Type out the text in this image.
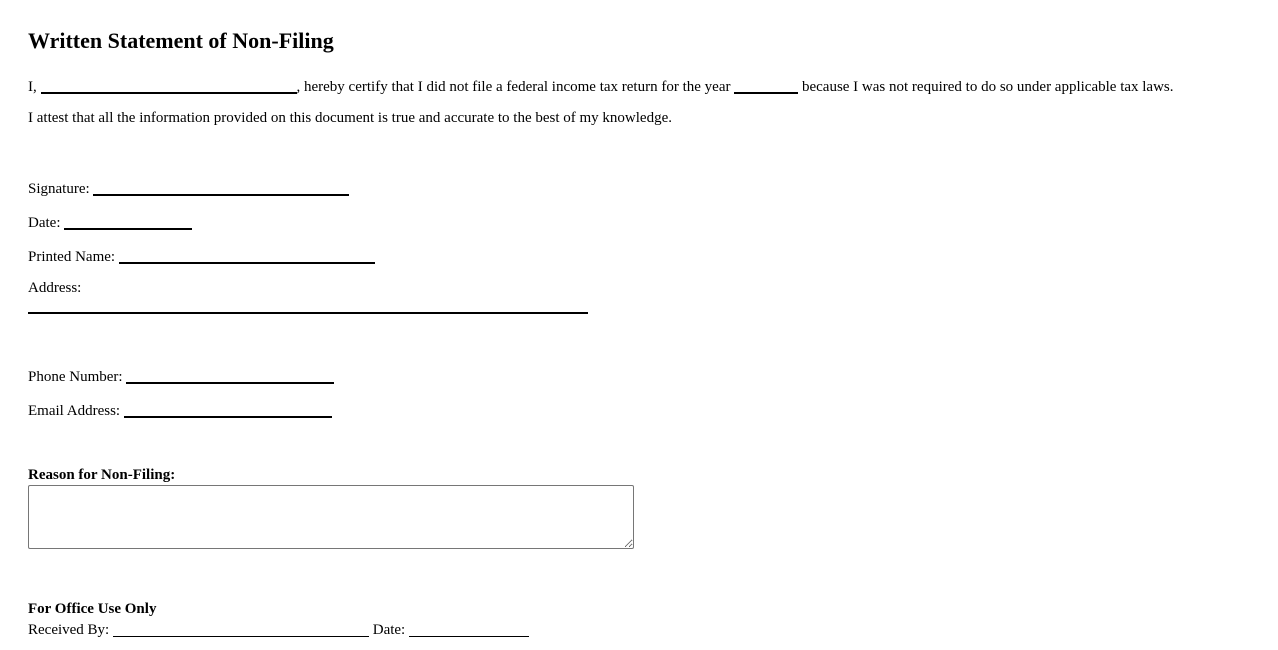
Written Statement of Non-Filing
I,	, hereby certify that I did not file a federal income tax return for the year	because I was not required to do so under applicable tax laws.
I attest that all the information provided on this document is true and accurate to the best of my knowledge.
Signature:
Date:
Printed Name:
Address:
Phone Number:
Email Address:
Reason for Non-Filing:
For Office Use Only
Received By:	Date:
